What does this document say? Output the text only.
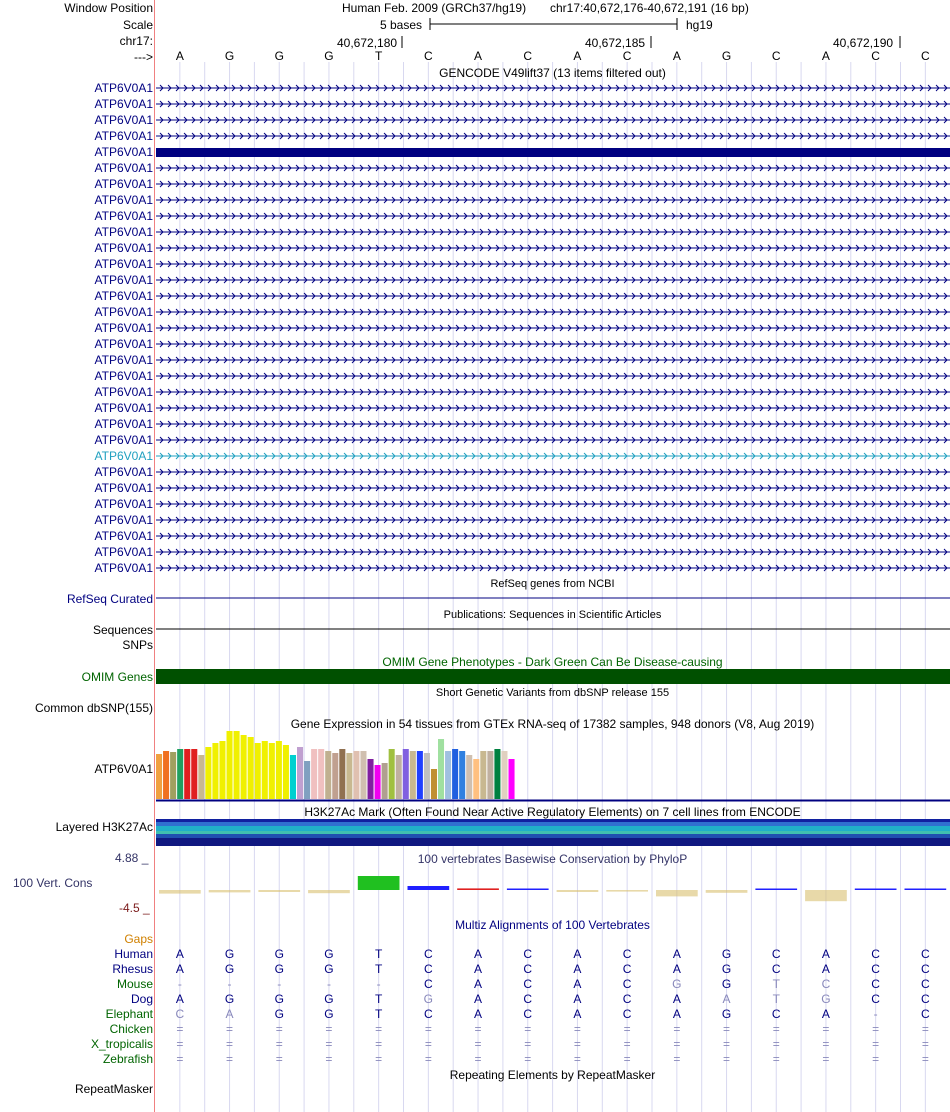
Window Position
Scale
chr17:
--->
Human Feb. 2009 (GRCh37/hg19) chr17:40,672,176-40,672,191 (16 bp)
5 bases	hg19
40,672,180	40,672,185	40,672,190
A	G	G	G	T	C	A	C	A	C	A	G	C	A	C	C
GENCODE V49lift37 (13 items filtered out)
ATP6V0A1
ATP6V0A1
ATP6V0A1
ATP6V0A1
ATP6V0A1
ATP6V0A1
ATP6V0A1
ATP6V0A1
ATP6V0A1
ATP6V0A1
ATP6V0A1
ATP6V0A1
ATP6V0A1
ATP6V0A1
ATP6V0A1
ATP6V0A1
ATP6V0A1
ATP6V0A1
ATP6V0A1
ATP6V0A1
ATP6V0A1
ATP6V0A1
ATP6V0A1
ATP6V0A1
ATP6V0A1
ATP6V0A1
ATP6V0A1
ATP6V0A1
ATP6V0A1
ATP6V0A1
ATP6V0A1
RefSeq genes from NCBI
RefSeq Curated
Publications: Sequences in Scientific Articles
Sequences
SNPs
OMIM Gene Phenotypes - Dark Green Can Be Disease-causing
OMIM Genes
Short Genetic Variants from dbSNP release 155
Common dbSNP(155)
Gene Expression in 54 tissues from GTEx RNA-seq of 17382 samples, 948 donors (V8, Aug 2019)
ATP6V0A1
H3K27Ac Mark (Often Found Near Active Regulatory Elements) on 7 cell lines from ENCODE
Layered H3K27Ac
100 vertebrates Basewise Conservation by PhyloP
4.88 _
100 Vert. Cons
-4.5 _
Multiz Alignments of 100 Vertebrates
Gaps
Human	A	G	G	G	T	C	A	C	A	C	A	G	C	A	C	C
Rhesus	A	G	G	G	T	C	A	C	A	C	A	G	C	A	C	C
Mouse	-	-	-	-	-	C	A	C	A	C	G	G	T	C	C	C
Dog	A	G	G	G	T	G	A	C	A	C	A	A	T	G	C	C
Elephant	C	A	G	G	T	C	A	C	A	C	A	G	C	A	-	C
Chicken	=	=	=	=	=	=	=	=	=	=	=	=	=	=	=	=
X_tropicalis	=	=	=	=	=	=	=	=	=	=	=	=	=	=	=	=
Zebrafish	=	=	=	=	=	=	=	=	=	=	=	=	=	=	=	=
Repeating Elements by RepeatMasker
RepeatMasker
